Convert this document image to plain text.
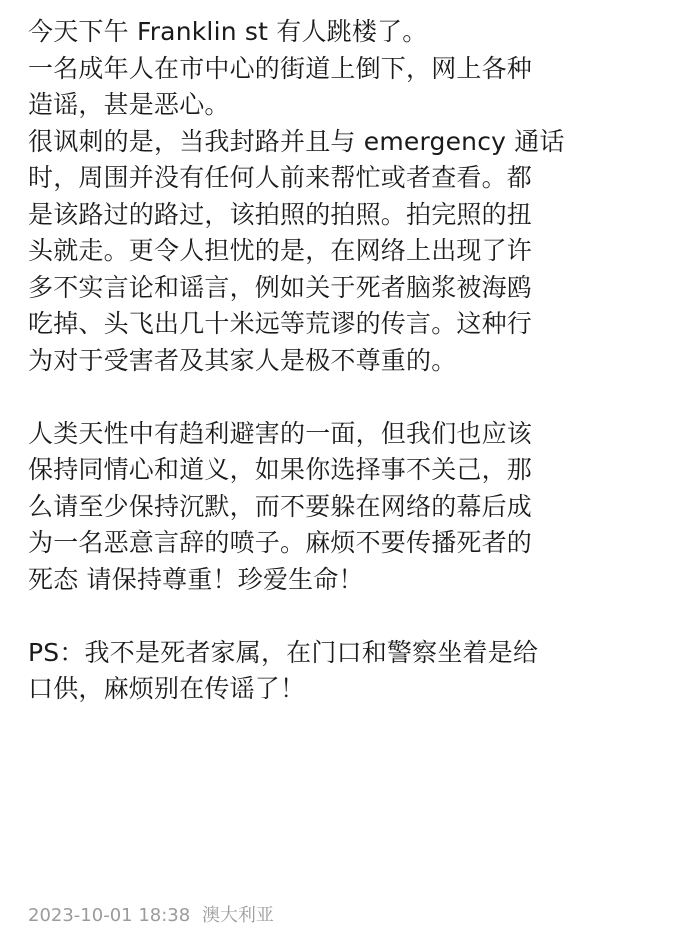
今天下午 Franklin st 有人跳楼了。
一名成年人在市中心的街道上倒下，网上各种
造谣，甚是恶心。
很讽刺的是，当我封路并且与 emergency 通话
时，周围并没有任何人前来帮忙或者查看。都
是该路过的路过，该拍照的拍照。拍完照的扭
头就走。更令人担忧的是，在网络上出现了许
多不实言论和谣言，例如关于死者脑浆被海鸥
吃掉、头飞出几十米远等荒谬的传言。这种行
为对于受害者及其家人是极不尊重的。
人类天性中有趋利避害的一面，但我们也应该
保持同情心和道义，如果你选择事不关己，那
么请至少保持沉默，而不要躲在网络的幕后成
为一名恶意言辞的喷子。麻烦不要传播死者的
死态 请保持尊重！珍爱生命！
PS：我不是死者家属，在门口和警察坐着是给
口供，麻烦别在传谣了！
2023-10-01 18:38 澳大利亚
